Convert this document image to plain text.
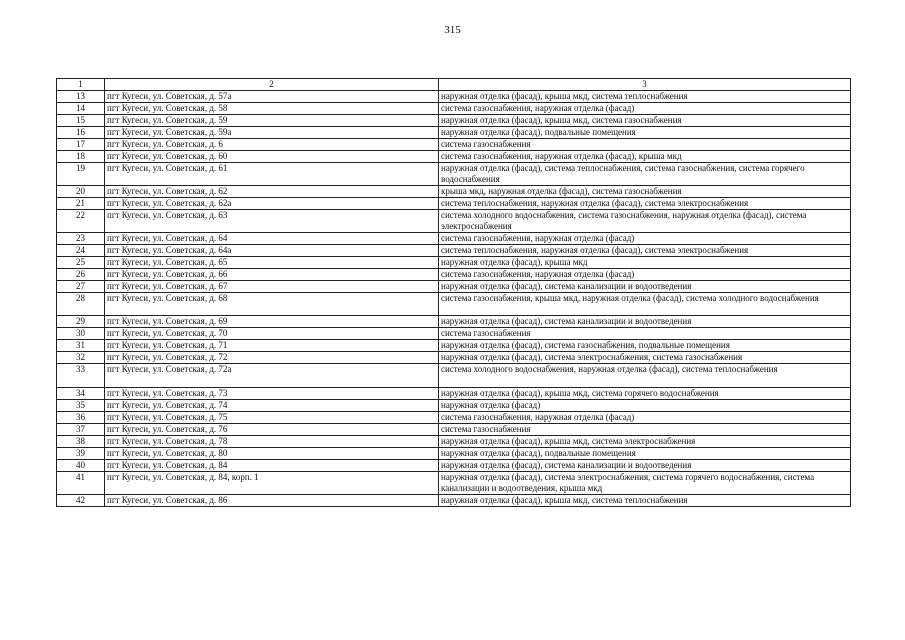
315
1	2	3
13	пгт Кугеси, ул. Советская, д. 57а	наружная отделка (фасад), крыша мкд, система теплоснабжения
14	пгт Кугеси, ул. Советская, д. 58	система газоснабжения, наружная отделка (фасад)
15	пгт Кугеси, ул. Советская, д. 59	наружная отделка (фасад), крыша мкд, система газоснабжения
16	пгт Кугеси, ул. Советская, д. 59а	наружная отделка (фасад), подвальные помещения
17	пгт Кугеси, ул. Советская, д. 6	система газоснабжения
18	пгт Кугеси, ул. Советская, д. 60	система газоснабжения, наружная отделка (фасад), крыша мкд
19	пгт Кугеси, ул. Советская, д. 61	наружная отделка (фасад), система теплоснабжения, система газоснабжения, система горячего водоснабжения
20	пгт Кугеси, ул. Советская, д. 62	крыша мкд, наружная отделка (фасад), система газоснабжения
21	пгт Кугеси, ул. Советская, д. 62а	система теплоснабжения, наружная отделка (фасад), система электроснабжения
22	пгт Кугеси, ул. Советская, д. 63	система холодного водоснабжения, система газоснабжения, наружная отделка (фасад), система электроснабжения
23	пгт Кугеси, ул. Советская, д. 64	система газоснабжения, наружная отделка (фасад)
24	пгт Кугеси, ул. Советская, д. 64а	система теплоснабжения, наружная отделка (фасад), система электроснабжения
25	пгт Кугеси, ул. Советская, д. 65	наружная отделка (фасад), крыша мкд
26	пгт Кугеси, ул. Советская, д. 66	система газоснабжения, наружная отделка (фасад)
27	пгт Кугеси, ул. Советская, д. 67	наружная отделка (фасад), система канализации и водоотведения
28	пгт Кугеси, ул. Советская, д. 68	система газоснабжения, крыша мкд, наружная отделка (фасад), система холодного водоснабжения
29	пгт Кугеси, ул. Советская, д. 69	наружная отделка (фасад), система канализации и водоотведения
30	пгт Кугеси, ул. Советская, д. 70	система газоснабжения
31	пгт Кугеси, ул. Советская, д. 71	наружная отделка (фасад), система газоснабжения, подвальные помещения
32	пгт Кугеси, ул. Советская, д. 72	наружная отделка (фасад), система электроснабжения, система газоснабжения
33	пгт Кугеси, ул. Советская, д. 72а	система холодного водоснабжения, наружная отделка (фасад), система теплоснабжения
34	пгт Кугеси, ул. Советская, д. 73	наружная отделка (фасад), крыша мкд, система горячего водоснабжения
35	пгт Кугеси, ул. Советская, д. 74	наружная отделка (фасад)
36	пгт Кугеси, ул. Советская, д. 75	система газоснабжения, наружная отделка (фасад)
37	пгт Кугеси, ул. Советская, д. 76	система газоснабжения
38	пгт Кугеси, ул. Советская, д. 78	наружная отделка (фасад), крыша мкд, система электроснабжения
39	пгт Кугеси, ул. Советская, д. 80	наружная отделка (фасад), подвальные помещения
40	пгт Кугеси, ул. Советская, д. 84	наружная отделка (фасад), система канализации и водоотведения
41	пгт Кугеси, ул. Советская, д. 84, корп. 1	наружная отделка (фасад), система электроснабжения, система горячего водоснабжения, система канализации и водоотведения, крыша мкд
42	пгт Кугеси, ул. Советская, д. 86	наружная отделка (фасад), крыша мкд, система теплоснабжения
